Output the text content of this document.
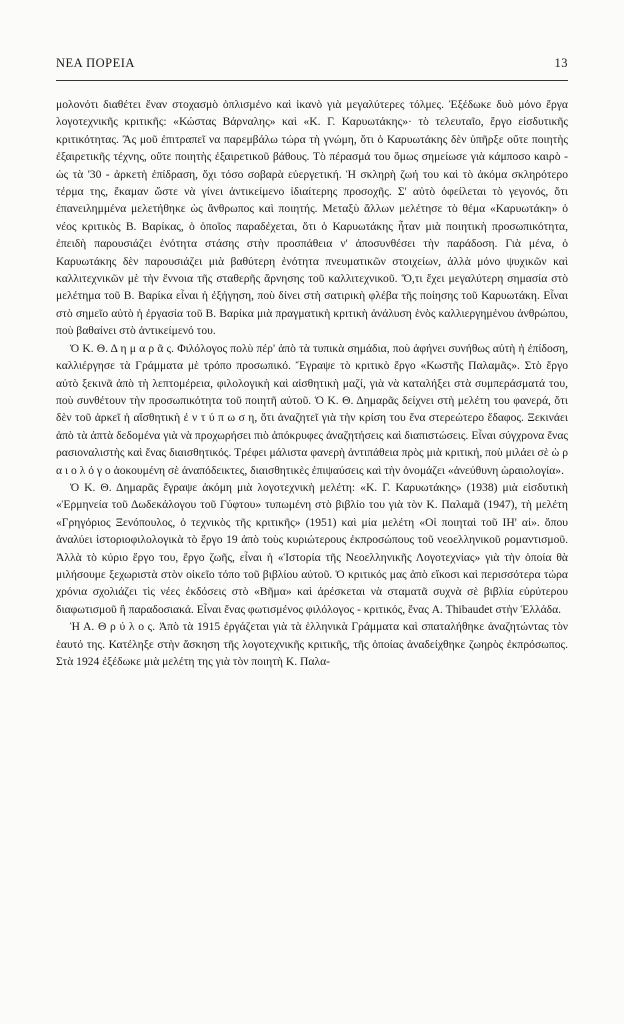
ΝΕΑ ΠΟΡΕΙΑ	13

μολονότι διαθέτει ἕναν στοχασμὸ ὁπλισμένο καὶ ἱκανὸ γιὰ μεγαλύτερες τόλμες. Ἐξέδωκε δυὸ μόνο ἔργα λογοτεχνικῆς κριτικῆς: «Κώστας Βάρναλης» καὶ «Κ. Γ. Καρυωτάκης»· τὸ τελευταῖο, ἔργο εἰσδυτικῆς κριτικότητας. Ἂς μοῦ ἐπιτραπεῖ να παρεμβάλω τώρα τὴ γνώμη, ὅτι ὁ Καρυωτάκης δὲν ὑπῆρξε οὔτε ποιητὴς ἐξαιρετικῆς τέχνης, οὔτε ποιητὴς ἐξαιρετικοῦ βάθους. Τὸ πέρασμά του ὅμως σημείωσε γιὰ κάμποσο καιρὸ - ὡς τὰ '30 - ἀρκετὴ ἐπίδραση, ὄχι τόσο σοβαρὰ εὐεργετική. Ἡ σκληρὴ ζωή του καὶ τὸ ἀκόμα σκληρότερο τέρμα της, ἔκαμαν ὥστε νὰ γίνει ἀντικείμενο ἰδιαίτερης προσοχῆς. Σ' αὐτὸ ὀφείλεται τὸ γεγονός, ὅτι ἐπανειλημμένα μελετήθηκε ὡς ἄνθρωπος καὶ ποιητής. Μεταξὺ ἄλλων μελέτησε τὸ θέμα «Καρυωτάκη» ὁ νέος κριτικὸς Β. Βαρίκας, ὁ ὁποῖος παραδέχεται, ὅτι ὁ Καρυωτάκης ἦταν μιὰ ποιητικὴ προσωπικότητα, ἐπειδὴ παρουσιάζει ἑνότητα στάσης στὴν προσπάθεια ν' ἀποσυνθέσει τὴν παράδοση. Γιὰ μένα, ὁ Καρυωτάκης δὲν παρουσιάζει μιὰ βαθύτερη ἑνότητα πνευματικῶν στοιχείων, ἀλλὰ μόνο ψυχικῶν καὶ καλλιτεχνικῶν μὲ τὴν ἔννοια τῆς σταθερῆς ἄρνησης τοῦ καλλιτεχνικοῦ. Ὅ,τι ἔχει μεγαλύτερη σημασία στὸ μελέτημα τοῦ Β. Βαρίκα εἶναι ἡ ἐξήγηση, ποὺ δίνει στὴ σατιρικὴ φλέβα τῆς ποίησης τοῦ Καρυωτάκη. Εἶναι στὸ σημεῖο αὐτὸ ἡ ἐργασία τοῦ Β. Βαρίκα μιὰ πραγματικὴ κριτικὴ ἀνάλυση ἑνὸς καλλιεργημένου ἀνθρώπου, ποὺ βαθαίνει στὸ ἀντικείμενό του.

Ὁ Κ. Θ. Δ η μ α ρ ᾶ ς. Φιλόλογος πολὺ πέρ' ἀπὸ τὰ τυπικὰ σημάδια, ποὺ ἀφήνει συνήθως αὐτὴ ἡ ἐπίδοση, καλλιέργησε τὰ Γράμματα μὲ τρόπο προσωπικό. Ἔγραψε τὸ κριτικὸ ἔργο «Κωστῆς Παλαμᾶς». Στὸ ἔργο αὐτὸ ξεκινᾶ ἀπὸ τὴ λεπτομέρεια, φιλολογικὴ καὶ αἰσθητικὴ μαζί, γιὰ νὰ καταλήξει στὰ συμπεράσματά του, ποὺ συνθέτουν τὴν προσωπικότητα τοῦ ποιητῆ αὐτοῦ. Ὁ Κ. Θ. Δημαρᾶς δείχνει στὴ μελέτη του φανερά, ὅτι δὲν τοῦ ἀρκεῖ ἡ αἴσθητικὴ ἐ ν τ ύ π ω σ η, ὅτι ἀναζητεῖ γιὰ τὴν κρίση του ἕνα στερεώτερο ἔδαφος. Ξεκινάει ἀπὸ τὰ ἀπτὰ δεδομένα γιὰ νὰ προχωρήσει πιὸ ἀπόκρυφες ἀναζητήσεις καὶ διαπιστώσεις. Εἶναι σύγχρονα ἕνας ρασιοναλιστὴς καὶ ἕνας διαισθητικός. Τρέφει μάλιστα φανερὴ ἀντιπάθεια πρὸς μιὰ κριτική, ποὺ μιλάει σὲ ὡ ρ α ι ο λ ό γ ο ἀοκουμένη σὲ ἀναπόδεικτες, διαισθητικὲς ἐπιψαύσεις καὶ τὴν ὀνομάζει «ἀνεύθυνη ὡραιολογία».

Ὁ Κ. Θ. Δημαρᾶς ἔγραψε ἀκόμη μιὰ λογοτεχνικὴ μελέτη: «Κ. Γ. Καρυωτάκης» (1938) μιὰ εἰσδυτικὴ «Ἑρμηνεία τοῦ Δωδεκάλογου τοῦ Γύφτου» τυπωμένη στὸ βιβλίο του γιὰ τὸν Κ. Παλαμᾶ (1947), τὴ μελέτη «Γρηγόριος Ξενόπουλος, ὁ τεχνικὸς τῆς κριτικῆς» (1951) καὶ μία μελέτη «Οἱ ποιηταὶ τοῦ ΙΗ' αἰ». ὅπου ἀναλύει ἱστοριοφιλολογικὰ τὸ ἔργο 19 ἀπὸ τοὺς κυριώτερους ἐκπροσώπους τοῦ νεοελληνικοῦ ρομαντισμοῦ. Ἀλλὰ τὸ κύριο ἔργο του, ἔργο ζωῆς, εἶναι ἡ «Ἱστορία τῆς Νεοελληνικῆς Λογοτεχνίας» γιὰ τὴν ὁποία θὰ μιλήσουμε ξεχωριστὰ στὸν οἰκεῖο τόπο τοῦ βιβλίου αὐτοῦ. Ὁ κριτικός μας ἀπὸ εἴκοσι καὶ περισσότερα τώρα χρόνια σχολιάζει τὶς νέες ἐκδόσεις στὸ «Βῆμα» καὶ ἀρέσκεται νὰ σταματᾶ συχνὰ σὲ βιβλία εὐρύτερου διαφωτισμοῦ ἢ παραδοσιακά. Εἶναι ἕνας φωτισμένος φιλόλογος - κριτικός, ἕνας A. Thibaudet στὴν Ἑλλάδα.

Ἡ Α. Θ ρ ύ λ ο ς. Ἀπὸ τὰ 1915 ἐργάζεται γιὰ τὰ ἑλληνικὰ Γράμματα καὶ σπαταλήθηκε ἀναζητώντας τὸν ἑαυτό της. Κατέληξε στὴν ἄσκηση τῆς λογοτεχνικῆς κριτικῆς, τῆς ὁποίας ἀναδείχθηκε ζωηρὸς ἐκπρόσωπος. Στὰ 1924 ἐξέδωκε μιὰ μελέτη της γιὰ τὸν ποιητὴ Κ. Παλα-
